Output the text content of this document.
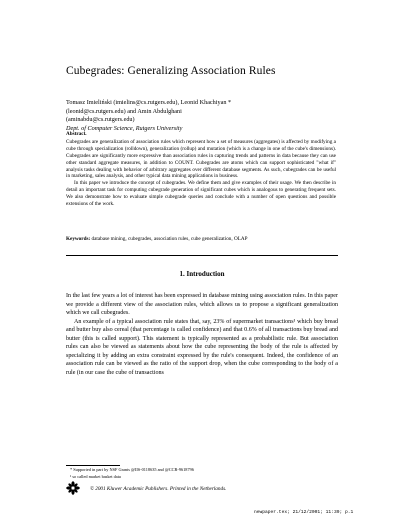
Cubegrades: Generalizing Association Rules
Tomasz Imieliński (imielins@cs.rutgers.edu), Leonid Khachiyan *
(leonid@cs.rutgers.edu) and Amin Abdulghani
(aminabdu@cs.rutgers.edu)
Dept. of Computer Science, Rutgers University
Abstract.

Cubegrades are generalization of association rules which represent how a set of measures (aggregates) is affected by modifying a cube through specialization (rolldown), generalization (rollup) and mutation (which is a change in one of the cube's dimensions). Cubegrades are significantly more expressive than association rules in capturing trends and patterns in data because they can use other standard aggregate measures, in addition to COUNT. Cubegrades are atoms which can support sophisticated "what if" analysis tasks dealing with behavior of arbitrary aggregates over different database segments. As such, cubegrades can be useful in marketing, sales analysis, and other typical data mining applications in business.

In this paper we introduce the concept of cubegrades. We define them and give examples of their usage. We then describe in detail an important task for computing cubegrade generation of significant cubes which is analogous to generating frequent sets. We also demonstrate how to evaluate simple cubegrade queries and conclude with a number of open questions and possible extensions of the work.

Keywords: database mining, cubegrades, association rules, cube generalization, OLAP
1. Introduction

In the last few years a lot of interest has been expressed in database mining using association rules. In this paper we provide a different view of the association rules, which allows us to propose a significant generalization which we call cubegrades.

An example of a typical association rule states that, say, 23% of supermarket transactions¹ which buy bread and butter buy also cereal (that percentage is called confidence) and that 0.6% of all transactions buy bread and butter (this is called support). This statement is typically represented as a probabilistic rule. But association rules can also be viewed as statements about how the cube representing the body of the rule is affected by specializing it by adding an extra constraint expressed by the rule's consequent. Indeed, the confidence of an association rule can be viewed as the ratio of the support drop, when the cube corresponding to the body of a rule (in our case the cube of transactions

* Supported in part by NSF Grants @IIS-0118635 and @CCR-9618796
¹ so called market basket data
© 2001 Kluwer Academic Publishers. Printed in the Netherlands.
newpaper.tex; 21/12/2001; 11:39; p.1
